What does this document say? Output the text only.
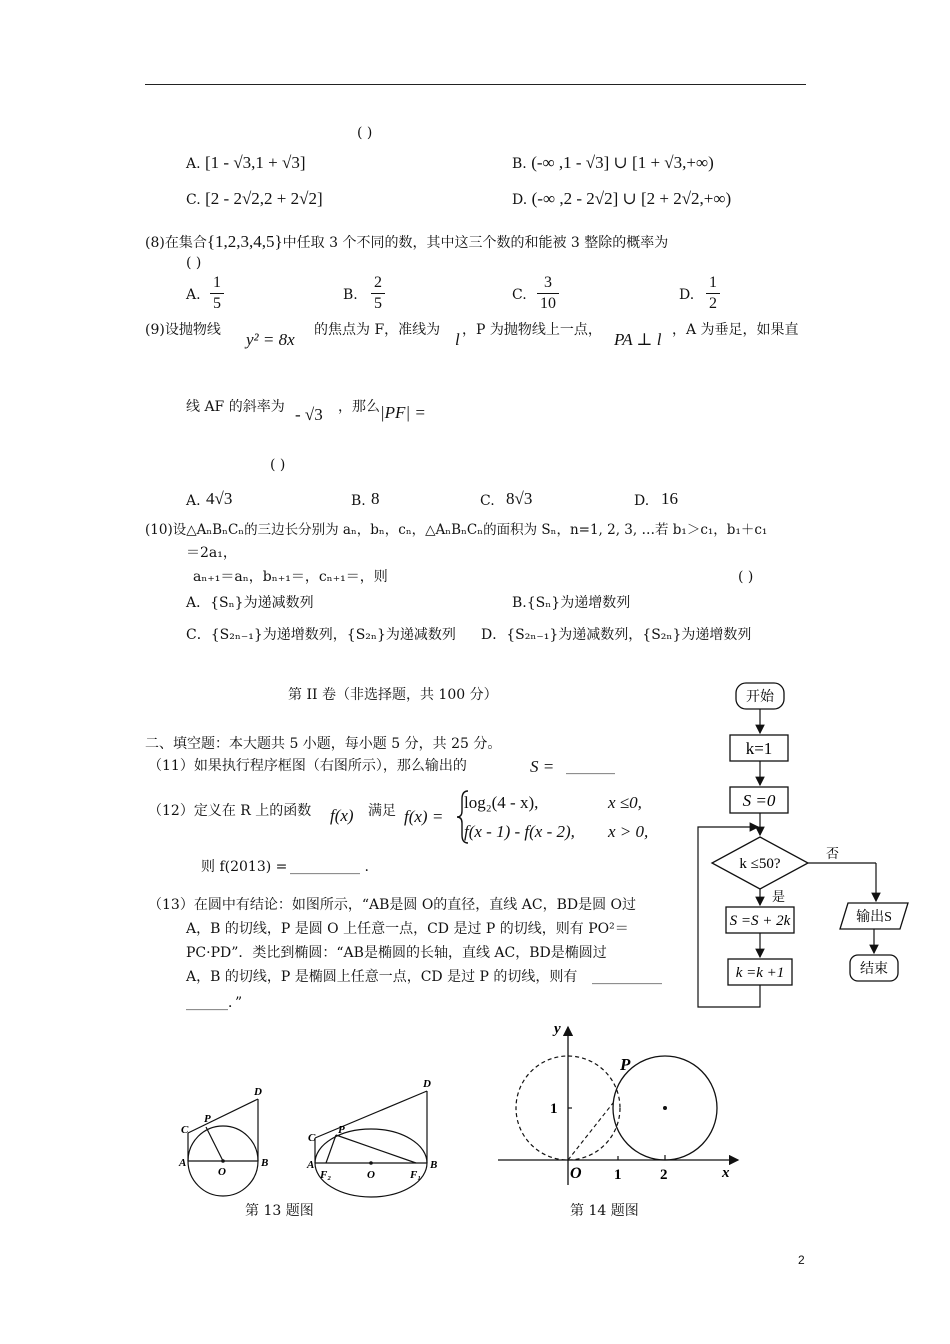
( )
A. [1 - √3,1 + √3]	B. (-∞ ,1 - √3] ∪ [1 + √3,+∞)
C. [2 - 2√2,2 + 2√2]	D. (-∞ ,2 - 2√2] ∪ [2 + 2√2,+∞)
(8)在集合{1,2,3,4,5}中任取 3 个不同的数，其中这三个数的和能被 3 整除的概率为
( )
A.
1
5	B.
2
5	C.
3
10	D.
1
2
(9)设抛物线 y² = 8x 的焦点为 F，准线为 l ，P 为抛物线上一点， PA ⊥ l ，A 为垂足，如果直
线 AF 的斜率为 - √3 ，那么 |PF| =
( )
A. 4√3	B. 8	C. 8√3	D. 16
(10)设△AₙBₙCₙ的三边长分别为 aₙ，bₙ，cₙ，△AₙBₙCₙ的面积为 Sₙ，n=1, 2, 3, …若 b₁＞c₁，b₁＋c₁
＝2a₁，
aₙ₊₁＝aₙ，bₙ₊₁＝，cₙ₊₁＝，则	( )
A．{Sₙ}为递减数列	B.{Sₙ}为递增数列
C．{S₂ₙ₋₁}为递增数列，{S₂ₙ}为递减数列 D．{S₂ₙ₋₁}为递减数列，{S₂ₙ}为递增数列
第 II 卷（非选择题，共 100 分）
二、填空题：本大题共 5 小题，每小题 5 分，共 25 分。
（11）如果执行程序框图（右图所示），那么输出的	S = _______
（12）定义在 R 上的函数 f(x) 满足 f(x) =
log₂(4 - x),	x ≤0,
f(x - 1) - f(x - 2), x > 0,
则 f(2013) = __________ .
（13）在圆中有结论：如图所示，“AB是圆 O的直径，直线 AC，BD是圆 O过
A，B 的切线，P 是圆 O 上任意一点，CD 是过 P 的切线，则有 PO²＝
PC·PD”．类比到椭圆：“AB是椭圆的长轴，直线 AC，BD是椭圆过
A，B 的切线，P 是椭圆上任意一点，CD 是过 P 的切线，则有 __________
______．”
开始
k=1
S =0
k ≤50?
否
是
S =S + 2k
k =k +1
输出S
结束
C
P
D
A
O
B
C
P
D
A
F₂	O	F₁
B
第 13 题图
y
x
O 1	2
1
P
第 14 题图
2
